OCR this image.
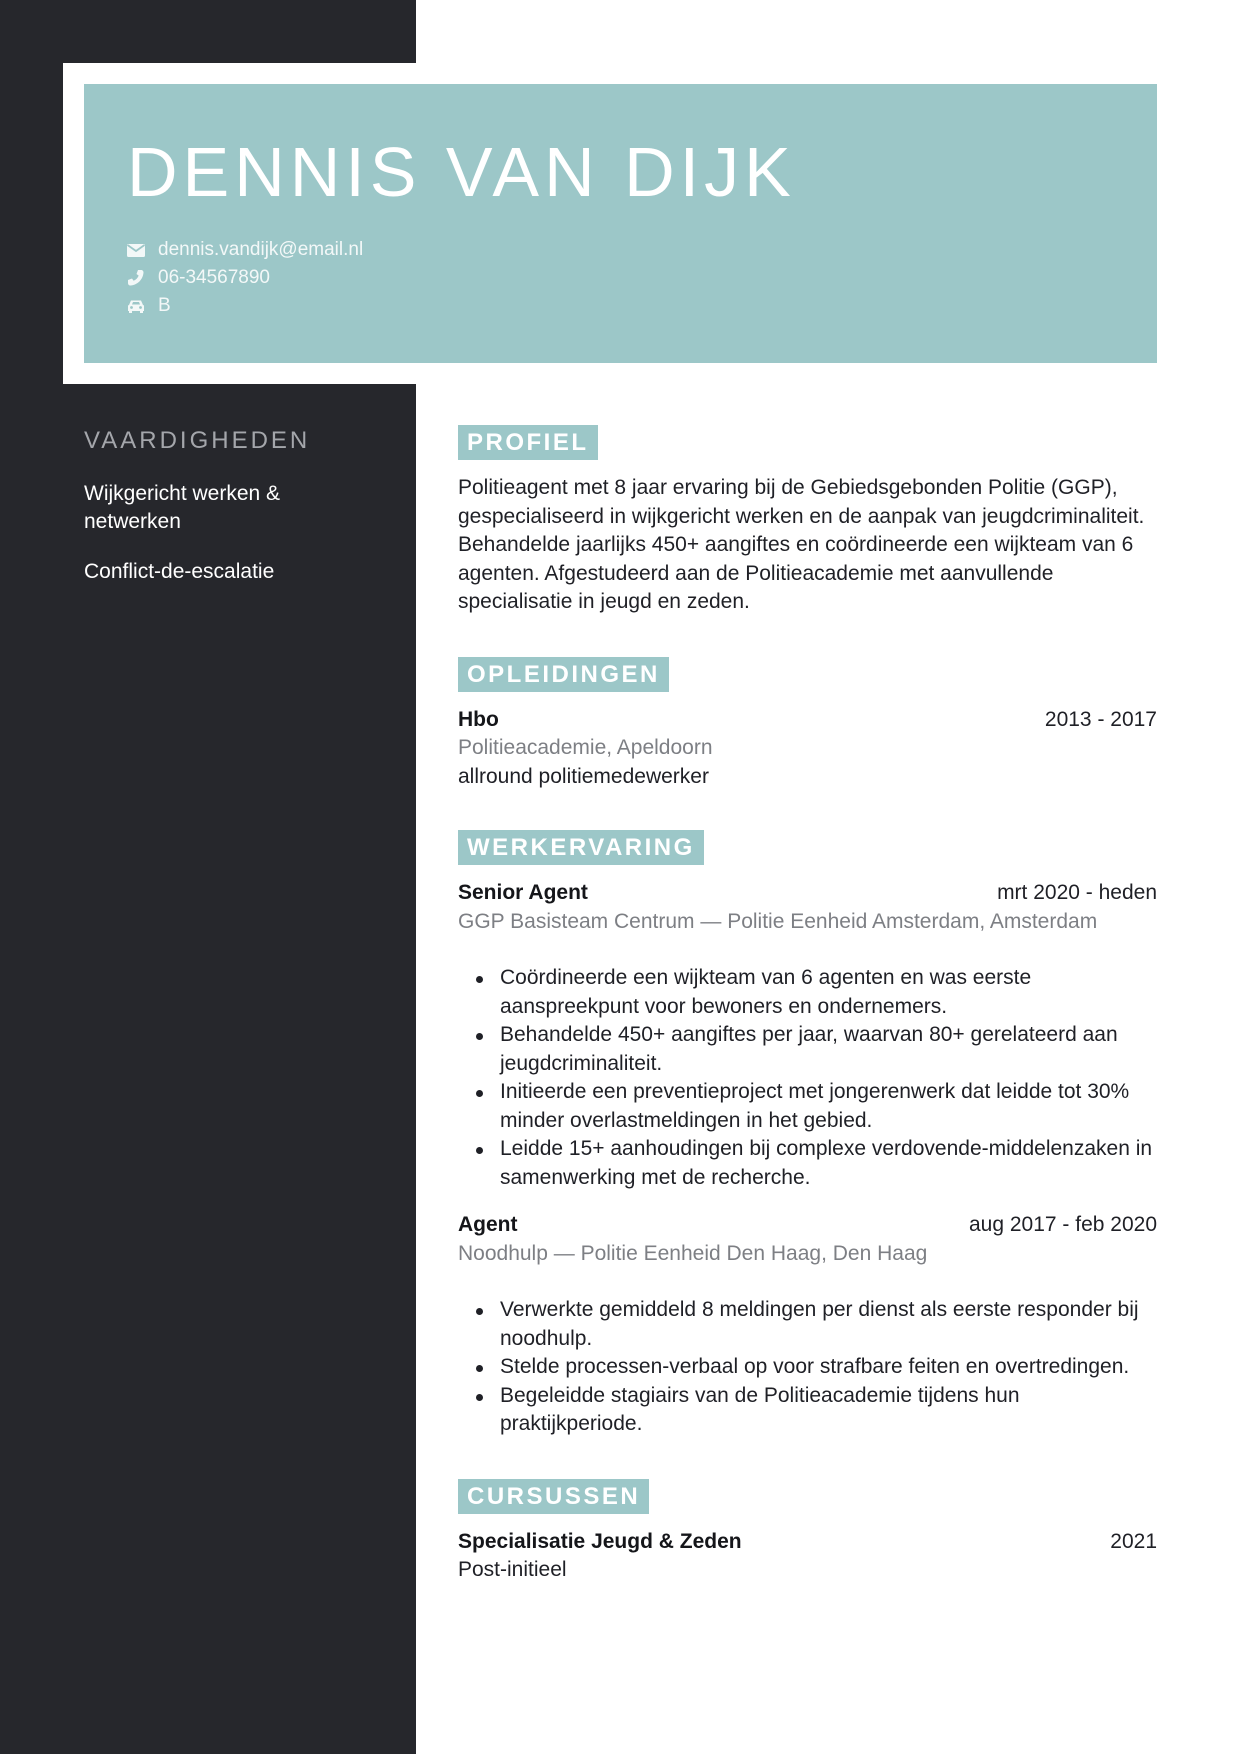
DENNIS VAN DIJK
dennis.vandijk@email.nl
06-34567890
B
VAARDIGHEDEN
Wijkgericht werken & netwerken
Conflict-de-escalatie
PROFIEL

Politieagent met 8 jaar ervaring bij de Gebiedsgebonden Politie (GGP), gespecialiseerd in wijkgericht werken en de aanpak van jeugdcriminaliteit. Behandelde jaarlijks 450+ aangiftes en coördineerde een wijkteam van 6 agenten. Afgestudeerd aan de Politieacademie met aanvullende specialisatie in jeugd en zeden.

OPLEIDINGEN
Hbo	2013 - 2017
Politieacademie, Apeldoorn
allround politiemedewerker
WERKERVARING
Senior Agent	mrt 2020 - heden
GGP Basisteam Centrum — Politie Eenheid Amsterdam, Amsterdam
Coördineerde een wijkteam van 6 agenten en was eerste aanspreekpunt voor bewoners en ondernemers.
Behandelde 450+ aangiftes per jaar, waarvan 80+ gerelateerd aan jeugdcriminaliteit.
Initieerde een preventieproject met jongerenwerk dat leidde tot 30% minder overlastmeldingen in het gebied.
Leidde 15+ aanhoudingen bij complexe verdovende-middelenzaken in samenwerking met de recherche.
Agent	aug 2017 - feb 2020
Noodhulp — Politie Eenheid Den Haag, Den Haag
Verwerkte gemiddeld 8 meldingen per dienst als eerste responder bij noodhulp.
Stelde processen-verbaal op voor strafbare feiten en overtredingen.
Begeleidde stagiairs van de Politieacademie tijdens hun praktijkperiode.
CURSUSSEN
Specialisatie Jeugd & Zeden	2021
Post-initieel
